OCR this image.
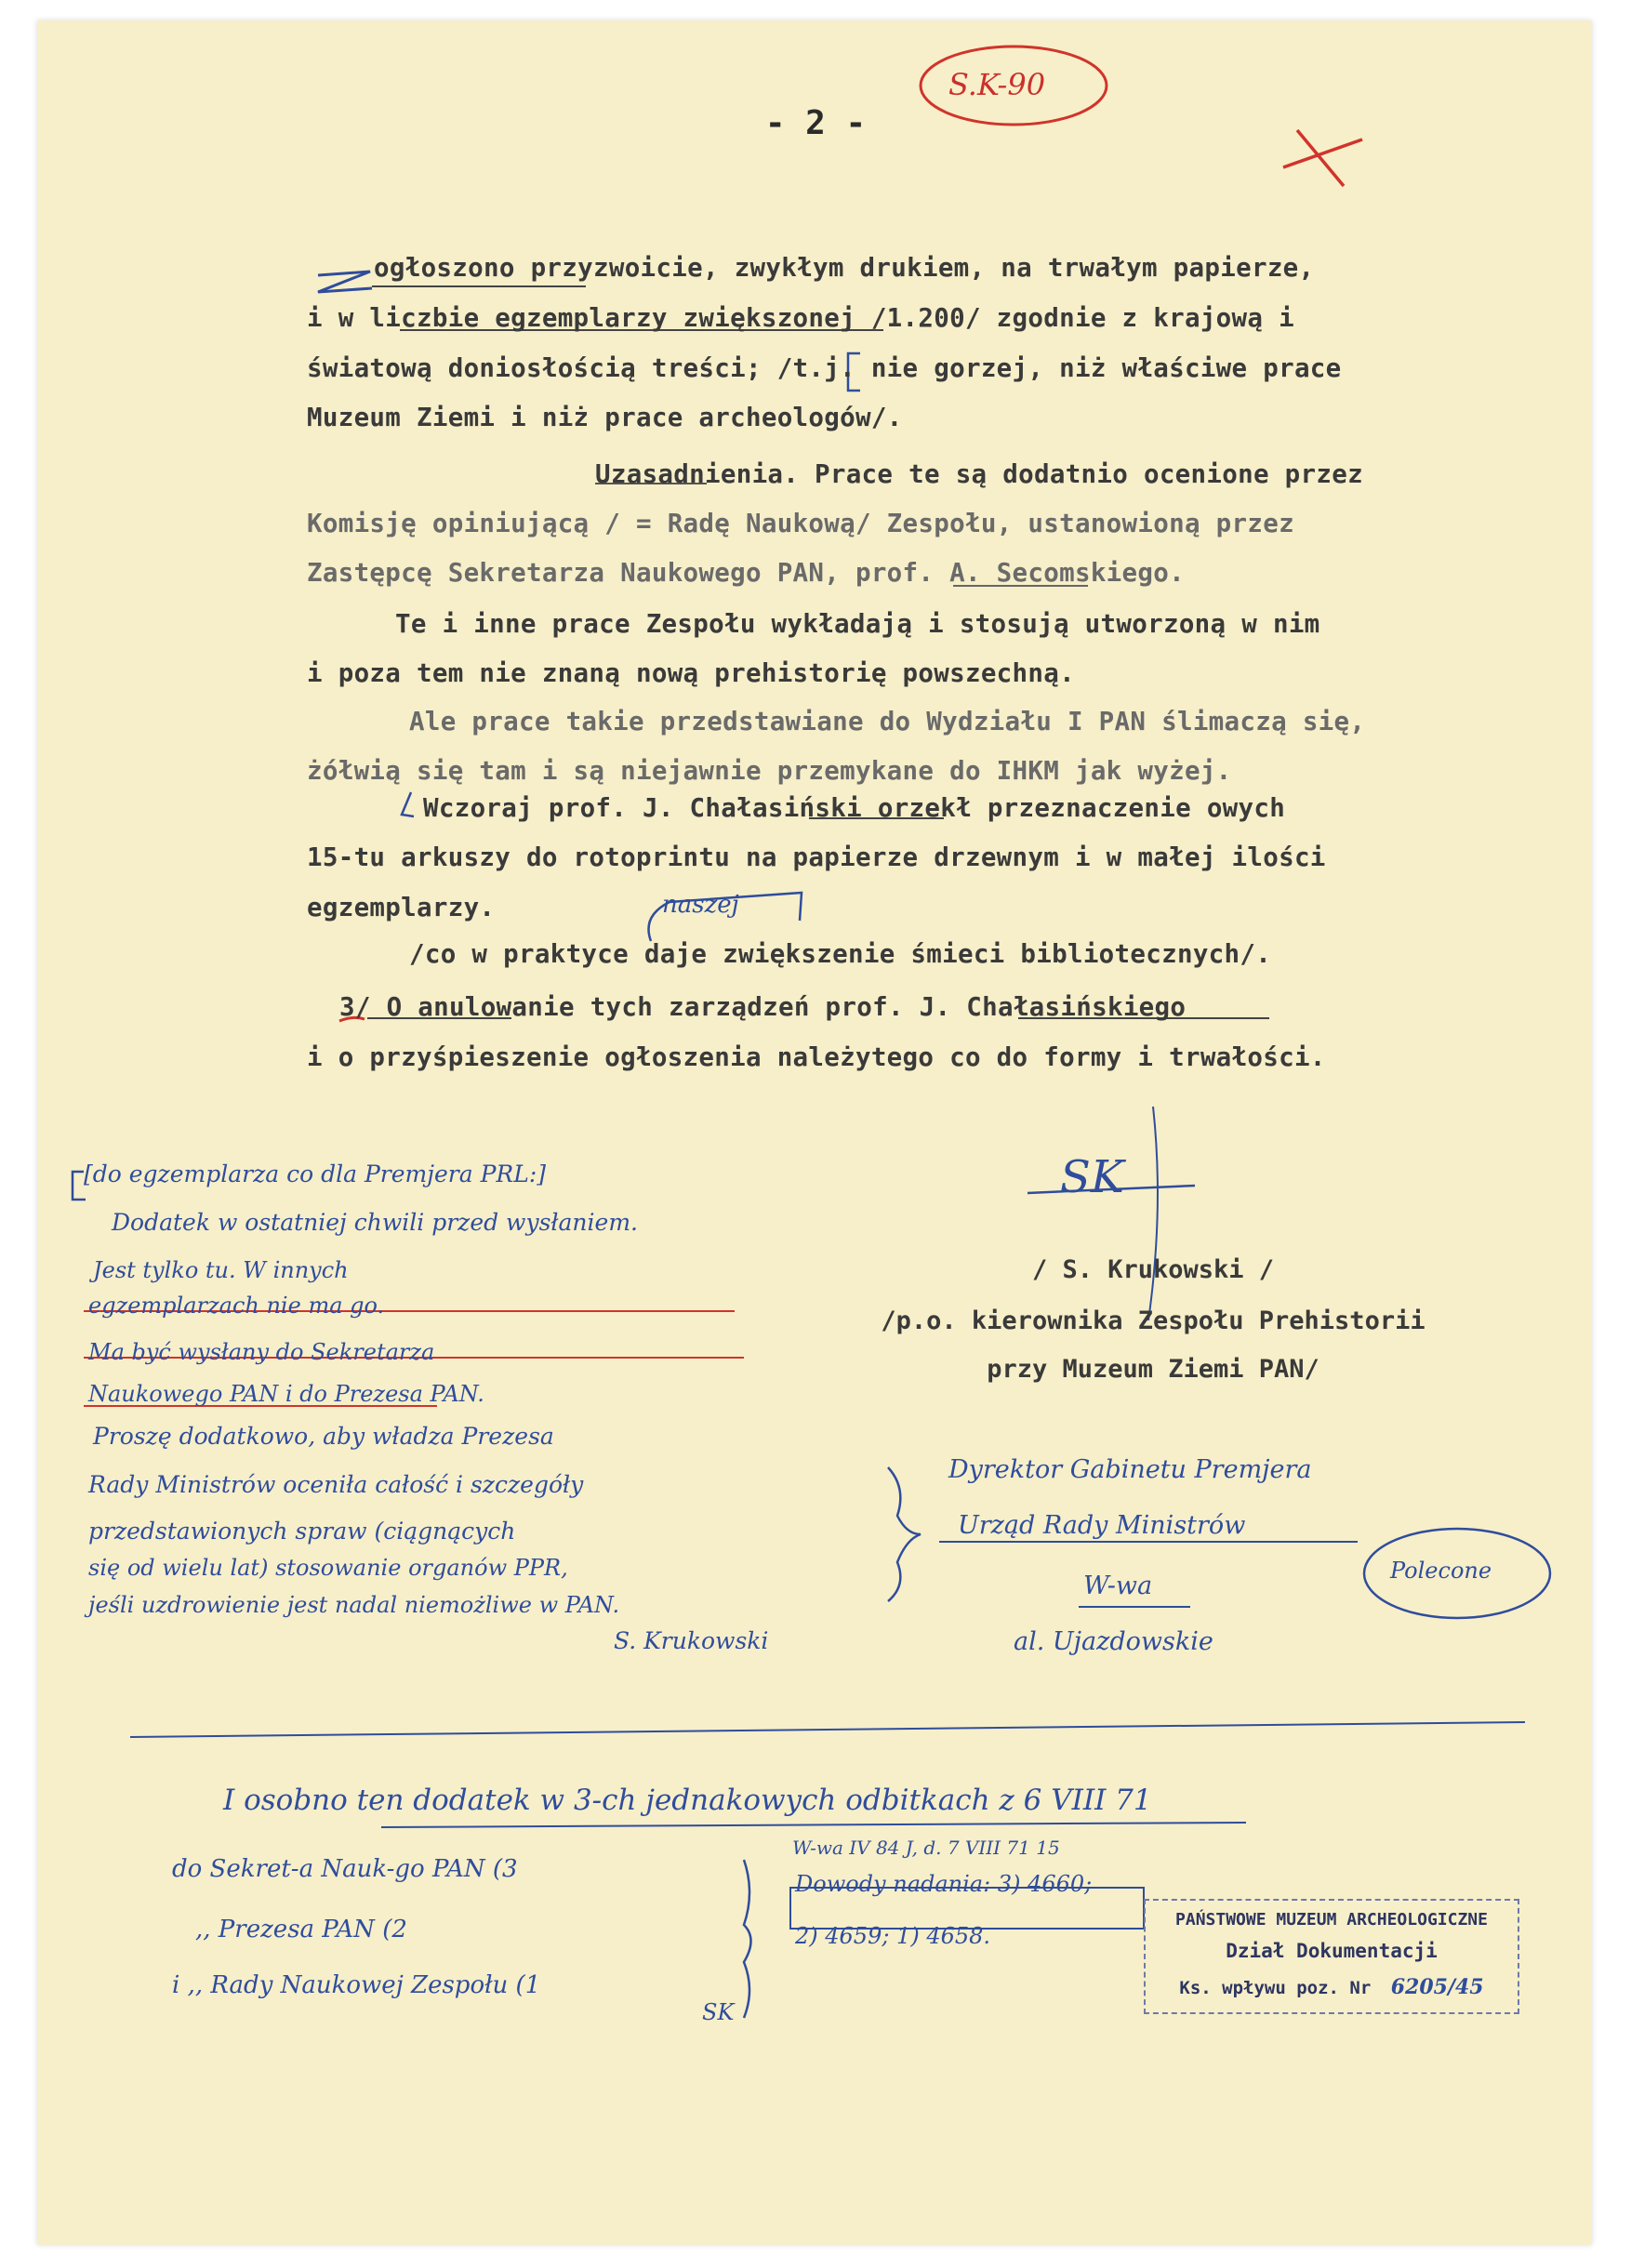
S.K-90
- 2 -
ogłoszono przyzwoicie, zwykłym drukiem, na trwałym papierze,
i w liczbie egzemplarzy zwiększonej /1.200/ zgodnie z krajową i
światową doniosłością treści; /t.j. nie gorzej, niż właściwe prace
Muzeum Ziemi i niż prace archeologów/.
Uzasadnienia. Prace te są dodatnio ocenione przez
Komisję opiniującą / = Radę Naukową/ Zespołu, ustanowioną przez
Zastępcę Sekretarza Naukowego PAN, prof. A. Secomskiego.
Te i inne prace Zespołu wykładają i stosują utworzoną w nim
i poza tem nie znaną nową prehistorię powszechną.
Ale prace takie przedstawiane do Wydziału I PAN ślimaczą się,
żółwią się tam i są niejawnie przemykane do IHKM jak wyżej.
Wczoraj prof. J. Chałasiński orzekł przeznaczenie owych
15-tu arkuszy do rotoprintu na papierze drzewnym i w małej ilości
egzemplarzy.	naszej
/co w praktyce daje zwiększenie śmieci bibliotecznych/.
3/ O anulowanie tych zarządzeń prof. J. Chałasińskiego
i o przyśpieszenie ogłoszenia należytego co do formy i trwałości.
SK
/ S. Krukowski /
/p.o. kierownika Zespołu Prehistorii
przy Muzeum Ziemi PAN/
[do egzemplarza co dla Premjera PRL:]
Dodatek w ostatniej chwili przed wysłaniem.
Jest tylko tu. W innych
egzemplarzach nie ma go.
Ma być wysłany do Sekretarza
Naukowego PAN i do Prezesa PAN.
Proszę dodatkowo, aby władza Prezesa
Rady Ministrów oceniła całość i szczegóły
przedstawionych spraw (ciągnących
się od wielu lat) stosowanie organów PPR,
jeśli uzdrowienie jest nadal niemożliwe w PAN.
S. Krukowski
Dyrektor Gabinetu Premjera
Urząd Rady Ministrów
W-wa
al. Ujazdowskie
Polecone
I osobno ten dodatek w 3-ch jednakowych odbitkach z 6 VIII 71
do Sekret-a Nauk-go PAN (3
,, Prezesa PAN (2
i ,, Rady Naukowej Zespołu (1
SK
W-wa IV 84 J, d. 7 VIII 71 15
Dowody nadania: 3) 4660;
2) 4659; 1) 4658.
PAŃSTWOWE MUZEUM ARCHEOLOGICZNE
Dział Dokumentacji
Ks. wpływu poz. Nr 6205/45
